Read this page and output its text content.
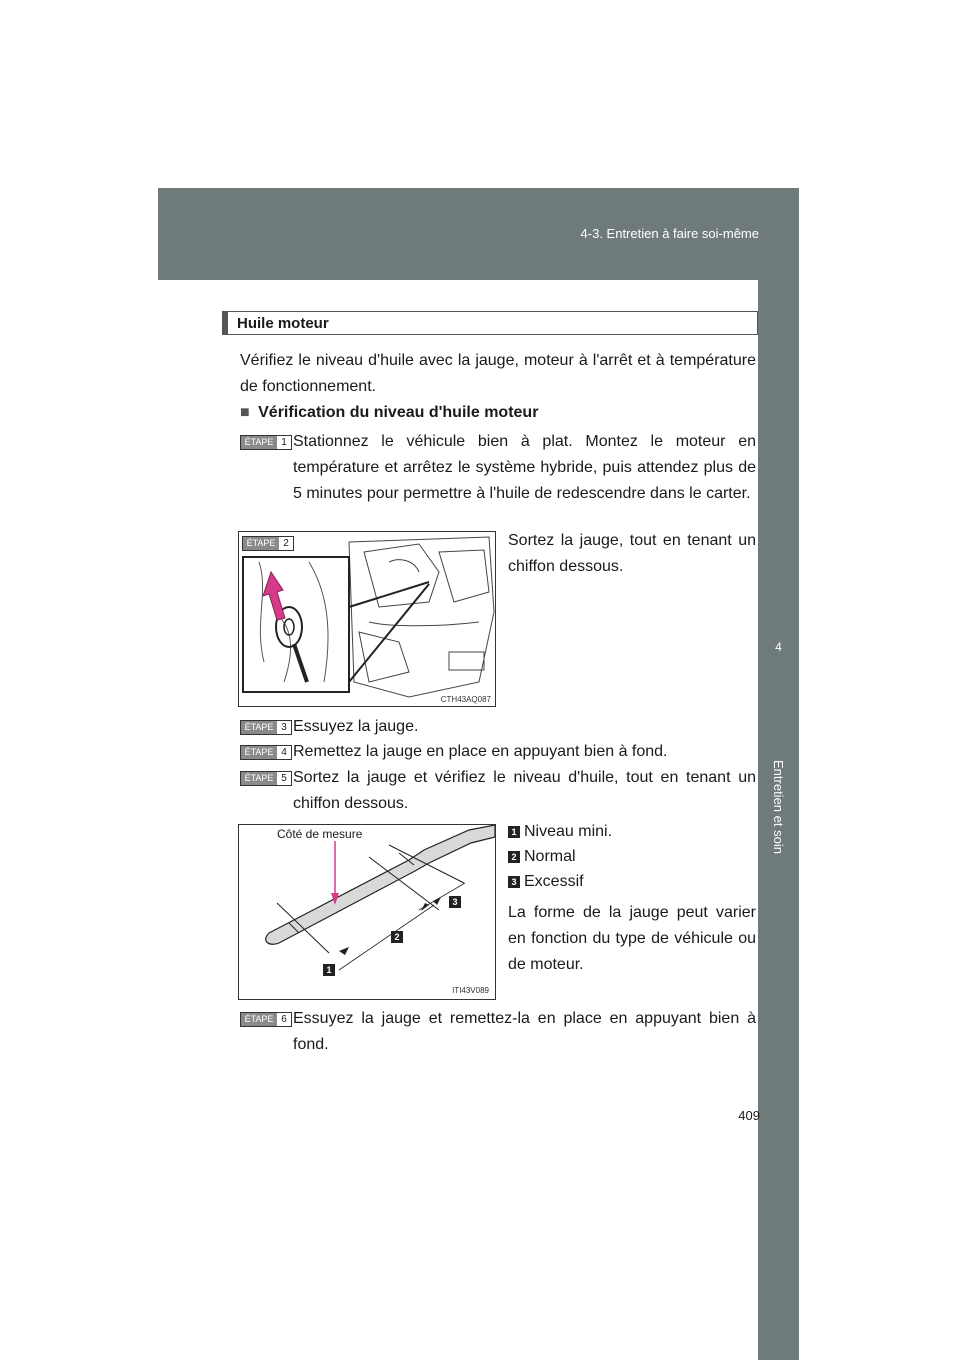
4-3. Entretien à faire soi-même
4
Entretien et soin
Huile moteur
Vérifiez le niveau d'huile avec la jauge, moteur à l'arrêt et à température de fonctionnement.
■ Vérification du niveau d'huile moteur
ÉTAPE 1 Stationnez le véhicule bien à plat. Montez le moteur en température et arrêtez le système hybride, puis attendez plus de 5 minutes pour permettre à l'huile de redescendre dans le carter.
ÉTAPE 2
CTH43AQ087
Sortez la jauge, tout en tenant un chiffon dessous.
ÉTAPE 3 Essuyez la jauge.
ÉTAPE 4 Remettez la jauge en place en appuyant bien à fond.
ÉTAPE 5 Sortez la jauge et vérifiez le niveau d'huile, tout en tenant un chiffon dessous.
Côté de mesure
1
2
3
ITI43V089
1 Niveau mini.
2 Normal
3 Excessif
La forme de la jauge peut varier en fonction du type de véhicule ou de moteur.
ÉTAPE 6 Essuyez la jauge et remettez-la en place en appuyant bien à fond.
409
